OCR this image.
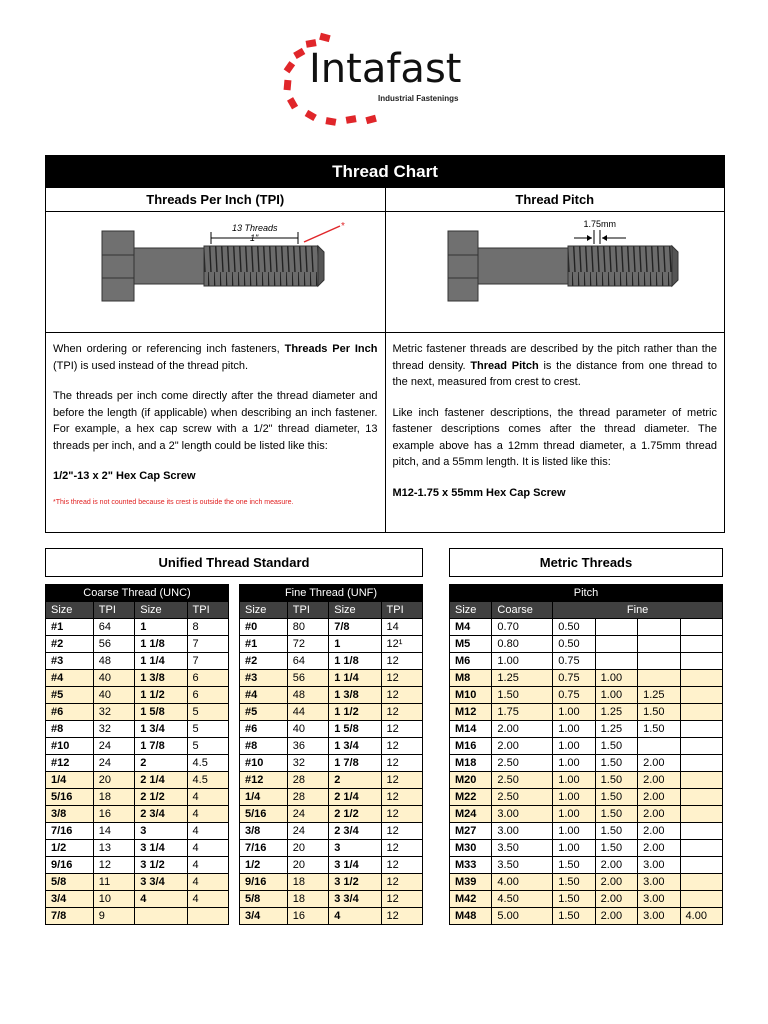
Intafast
Industrial Fastenings
Thread Chart
Threads Per Inch (TPI)
13 Threads
1"
*

When ordering or referencing inch fasteners, Threads Per Inch (TPI) is used instead of the thread pitch.

The threads per inch come directly after the thread diameter and before the length (if applicable) when describing an inch fastener. For example, a hex cap screw with a 1/2" thread diameter, 13 threads per inch, and a 2" length could be listed like this:

1/2"-13 x 2" Hex Cap Screw

*This thread is not counted because its crest is outside the one inch measure.
Thread Pitch
1.75mm

Metric fastener threads are described by the pitch rather than the thread density. Thread Pitch is the distance from one thread to the next, measured from crest to crest.

Like inch fastener descriptions, the thread parameter of metric fastener descriptions comes after the thread diameter. The example above has a 12mm thread diameter, a 1.75mm thread pitch, and a 55mm length. It is listed like this:

M12-1.75 x 55mm Hex Cap Screw

Unified Thread Standard	Metric Threads
Coarse Thread (UNC)			
Size	TPI	Size	TPI
#1	64	1	8
#2	56	1 1/8	7
#3	48	1 1/4	7
#4	40	1 3/8	6
#5	40	1 1/2	6
#6	32	1 5/8	5
#8	32	1 3/4	5
#10	24	1 7/8	5
#12	24	2	4.5
1/4	20	2 1/4	4.5
5/16	18	2 1/2	4
3/8	16	2 3/4	4
7/16	14	3	4
1/2	13	3 1/4	4
9/16	12	3 1/2	4
5/8	11	3 3/4	4
3/4	10	4	4
7/8	9		
Fine Thread (UNF)			
Size	TPI	Size	TPI
#0	80	7/8	14
#1	72	1	12¹
#2	64	1 1/8	12
#3	56	1 1/4	12
#4	48	1 3/8	12
#5	44	1 1/2	12
#6	40	1 5/8	12
#8	36	1 3/4	12
#10	32	1 7/8	12
#12	28	2	12
1/4	28	2 1/4	12
5/16	24	2 1/2	12
3/8	24	2 3/4	12
7/16	20	3	12
1/2	20	3 1/4	12
9/16	18	3 1/2	12
5/8	18	3 3/4	12
3/4	16	4	12
Pitch					
Size	Coarse	Fine			
M4	0.70	0.50			
M5	0.80	0.50			
M6	1.00	0.75			
M8	1.25	0.75	1.00		
M10	1.50	0.75	1.00	1.25	
M12	1.75	1.00	1.25	1.50	
M14	2.00	1.00	1.25	1.50	
M16	2.00	1.00	1.50		
M18	2.50	1.00	1.50	2.00	
M20	2.50	1.00	1.50	2.00	
M22	2.50	1.00	1.50	2.00	
M24	3.00	1.00	1.50	2.00	
M27	3.00	1.00	1.50	2.00	
M30	3.50	1.00	1.50	2.00	
M33	3.50	1.50	2.00	3.00	
M39	4.00	1.50	2.00	3.00	
M42	4.50	1.50	2.00	3.00	
M48	5.00	1.50	2.00	3.00	4.00
